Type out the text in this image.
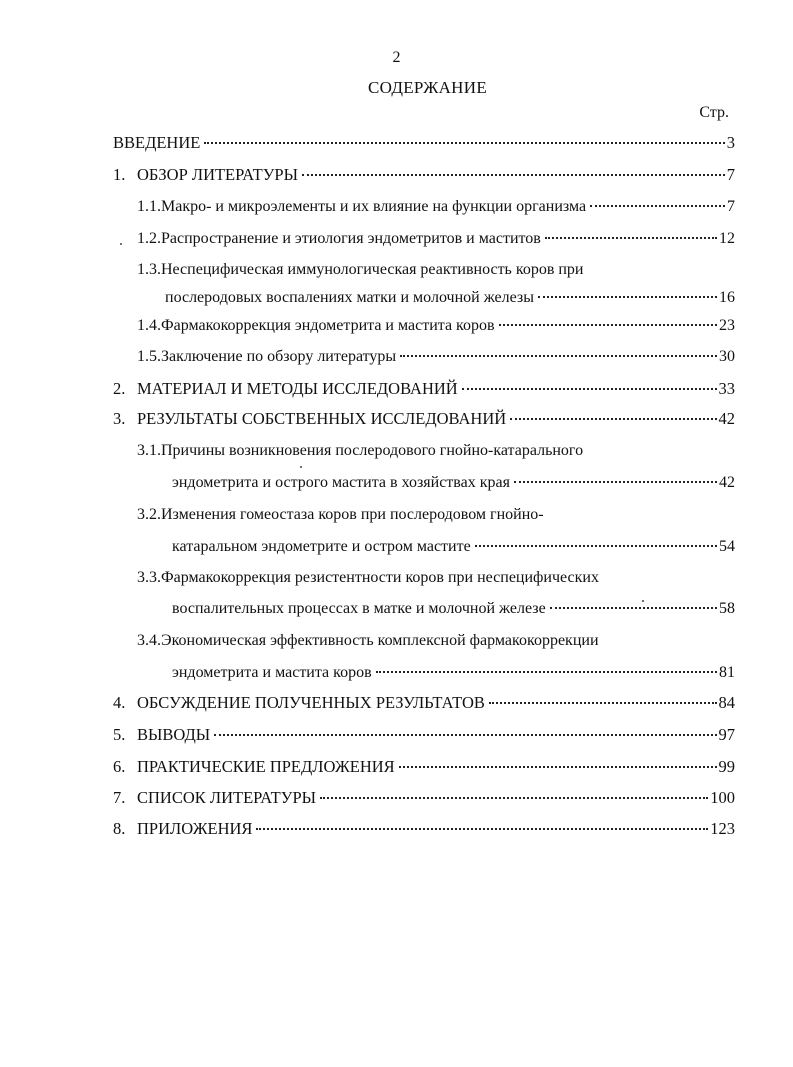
2
СОДЕРЖАНИЕ
Стр.
ВВЕДЕНИЕ	3
1. ОБЗОР ЛИТЕРАТУРЫ	7
1.1. Макро- и микроэлементы и их влияние на функции организма	7
1.2. Распространение и этиология эндометритов и маститов	12
1.3.Неспецифическая иммунологическая реактивность коров при
послеродовых воспалениях матки и молочной железы	16
1.4. Фармакокоррекция эндометрита и мастита коров	23
1.5. Заключение по обзору литературы	30
2. МАТЕРИАЛ И МЕТОДЫ ИССЛЕДОВАНИЙ	33
3. РЕЗУЛЬТАТЫ СОБСТВЕННЫХ ИССЛЕДОВАНИЙ	42
3.1.Причины возникновения послеродового гнойно-катарального
эндометрита и острого мастита в хозяйствах края	42
3.2.Изменения гомеостаза коров при послеродовом гнойно-
катаральном эндометрите и остром мастите	54
3.3.Фармакокоррекция резистентности коров при неспецифических
воспалительных процессах в матке и молочной железе	58
3.4.Экономическая эффективность комплексной фармакокоррекции
эндометрита и мастита коров	81
4. ОБСУЖДЕНИЕ ПОЛУЧЕННЫХ РЕЗУЛЬТАТОВ	84
5. ВЫВОДЫ	97
6. ПРАКТИЧЕСКИЕ ПРЕДЛОЖЕНИЯ	99
7. СПИСОК ЛИТЕРАТУРЫ	100
8. ПРИЛОЖЕНИЯ	123
